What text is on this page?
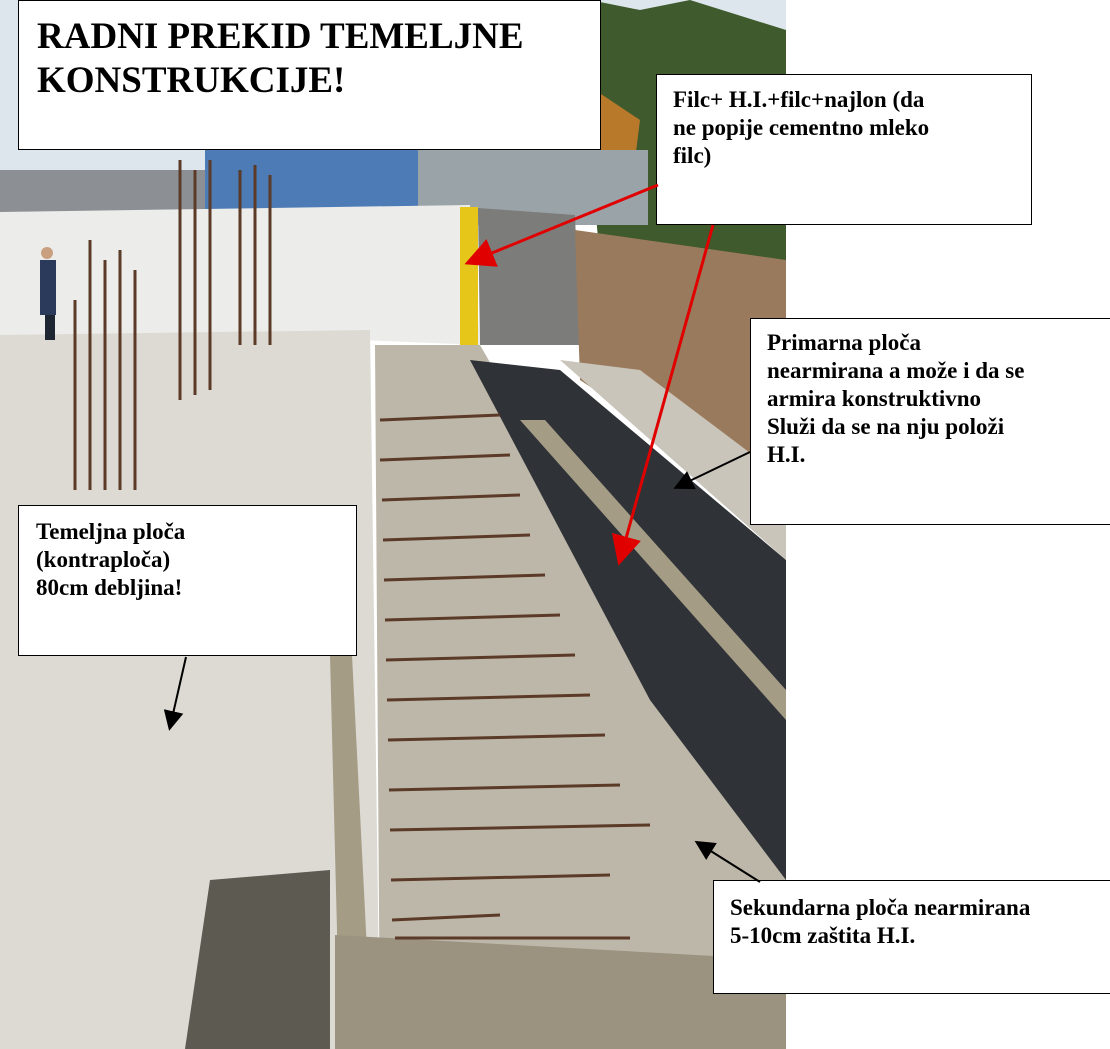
RADNI PREKID TEMELJNE
KONSTRUKCIJE!	Filc+ H.I.+filc+najlon (da
ne popije cementno mleko
filc)
Primarna ploča
nearmirana a može i da se
armira konstruktivno
Služi da se na nju položi
H.I.
Temeljna ploča
(kontraploča)
80cm debljina!
Sekundarna ploča nearmirana
5-10cm zaštita H.I.
